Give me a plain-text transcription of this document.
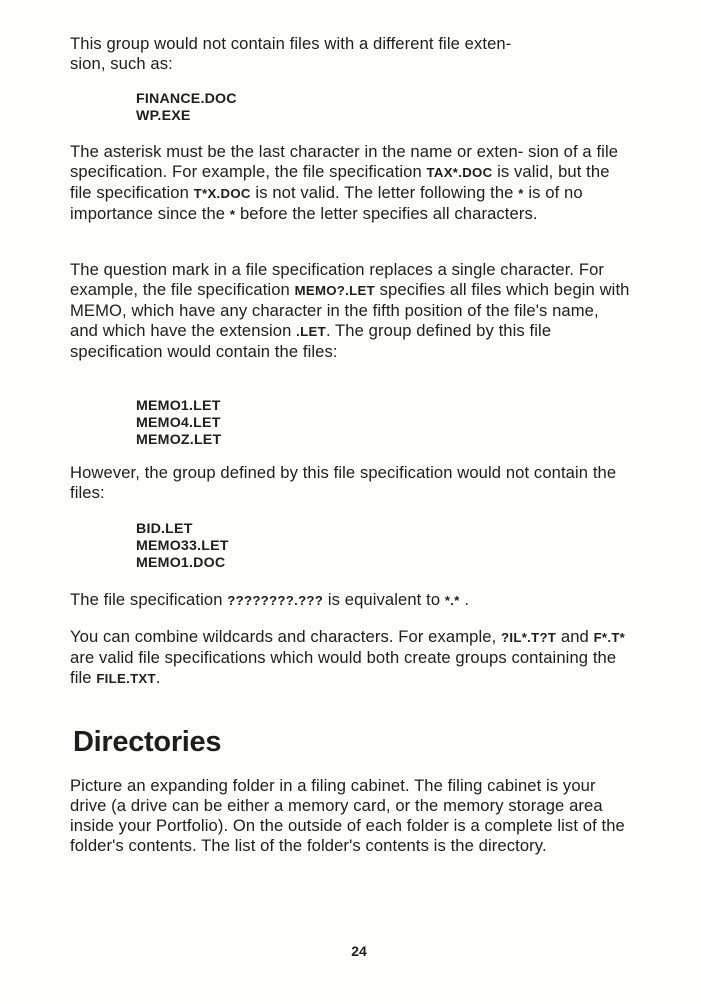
This group would not contain files with a different file exten-
sion, such as:

FINANCE.DOC
WP.EXE

The asterisk must be the last character in the name or exten- sion of a file specification. For example, the file specification TAX*.DOC is valid, but the file specification T*X.DOC is not valid. The letter following the * is of no importance since the * before the letter specifies all characters.

The question mark in a file specification replaces a single character. For example, the file specification MEMO?.LET specifies all files which begin with MEMO, which have any character in the fifth position of the file's name, and which have the extension .LET. The group defined by this file specification would contain the files:

MEMO1.LET
MEMO4.LET
MEMOZ.LET

However, the group defined by this file specification would not contain the files:

BID.LET
MEMO33.LET
MEMO1.DOC

The file specification ????????.??? is equivalent to *.* .

You can combine wildcards and characters. For example, ?IL*.T?T and F*.T* are valid file specifications which would both create groups containing the file FILE.TXT.

Directories

Picture an expanding folder in a filing cabinet. The filing cabinet is your drive (a drive can be either a memory card, or the memory storage area inside your Portfolio). On the outside of each folder is a complete list of the folder's contents. The list of the folder's contents is the directory.

24
